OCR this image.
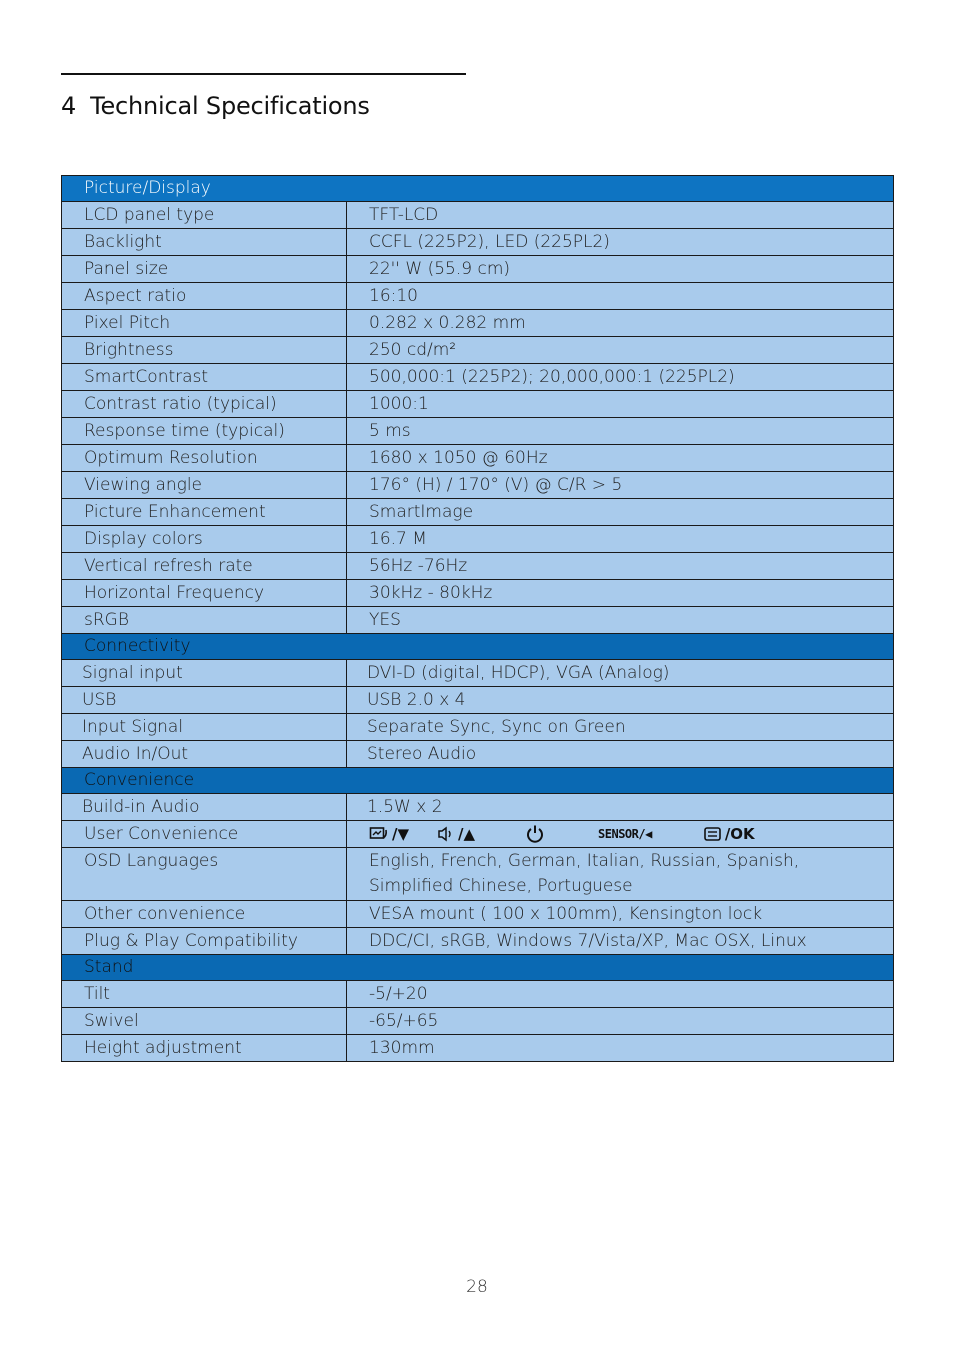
4 Technical Specifications
Picture/Display	
LCD panel type	TFT-LCD
Backlight	CCFL (225P2), LED (225PL2)
Panel size	22'' W (55.9 cm)
Aspect ratio	16:10
Pixel Pitch	0.282 x 0.282 mm
Brightness	250 cd/m²
SmartContrast	500,000:1 (225P2); 20,000,000:1 (225PL2)
Contrast ratio (typical)	1000:1
Response time (typical)	5 ms
Optimum Resolution	1680 x 1050 @ 60Hz
Viewing angle	176° (H) / 170° (V) @ C/R > 5
Picture Enhancement	SmartImage
Display colors	16.7 M
Vertical refresh rate	56Hz -76Hz
Horizontal Frequency	30kHz - 80kHz
sRGB	YES
Connectivity	
Signal input	DVI-D (digital, HDCP), VGA (Analog)
USB	USB 2.0 x 4
Input Signal	Separate Sync, Sync on Green
Audio In/Out	Stereo Audio
Convenience	
Build-in Audio	1.5W x 2
User Convenience	/▼ /▲ SENSOR/◀ /OK

OSD Languages	English, French, German, Italian, Russian, Spanish,
Simplified Chinese, Portuguese

Other convenience	VESA mount ( 100 x 100mm), Kensington lock
Plug & Play Compatibility	DDC/CI, sRGB, Windows 7/Vista/XP, Mac OSX, Linux
Stand	
Tilt	-5/+20
Swivel	-65/+65
Height adjustment	130mm
28
